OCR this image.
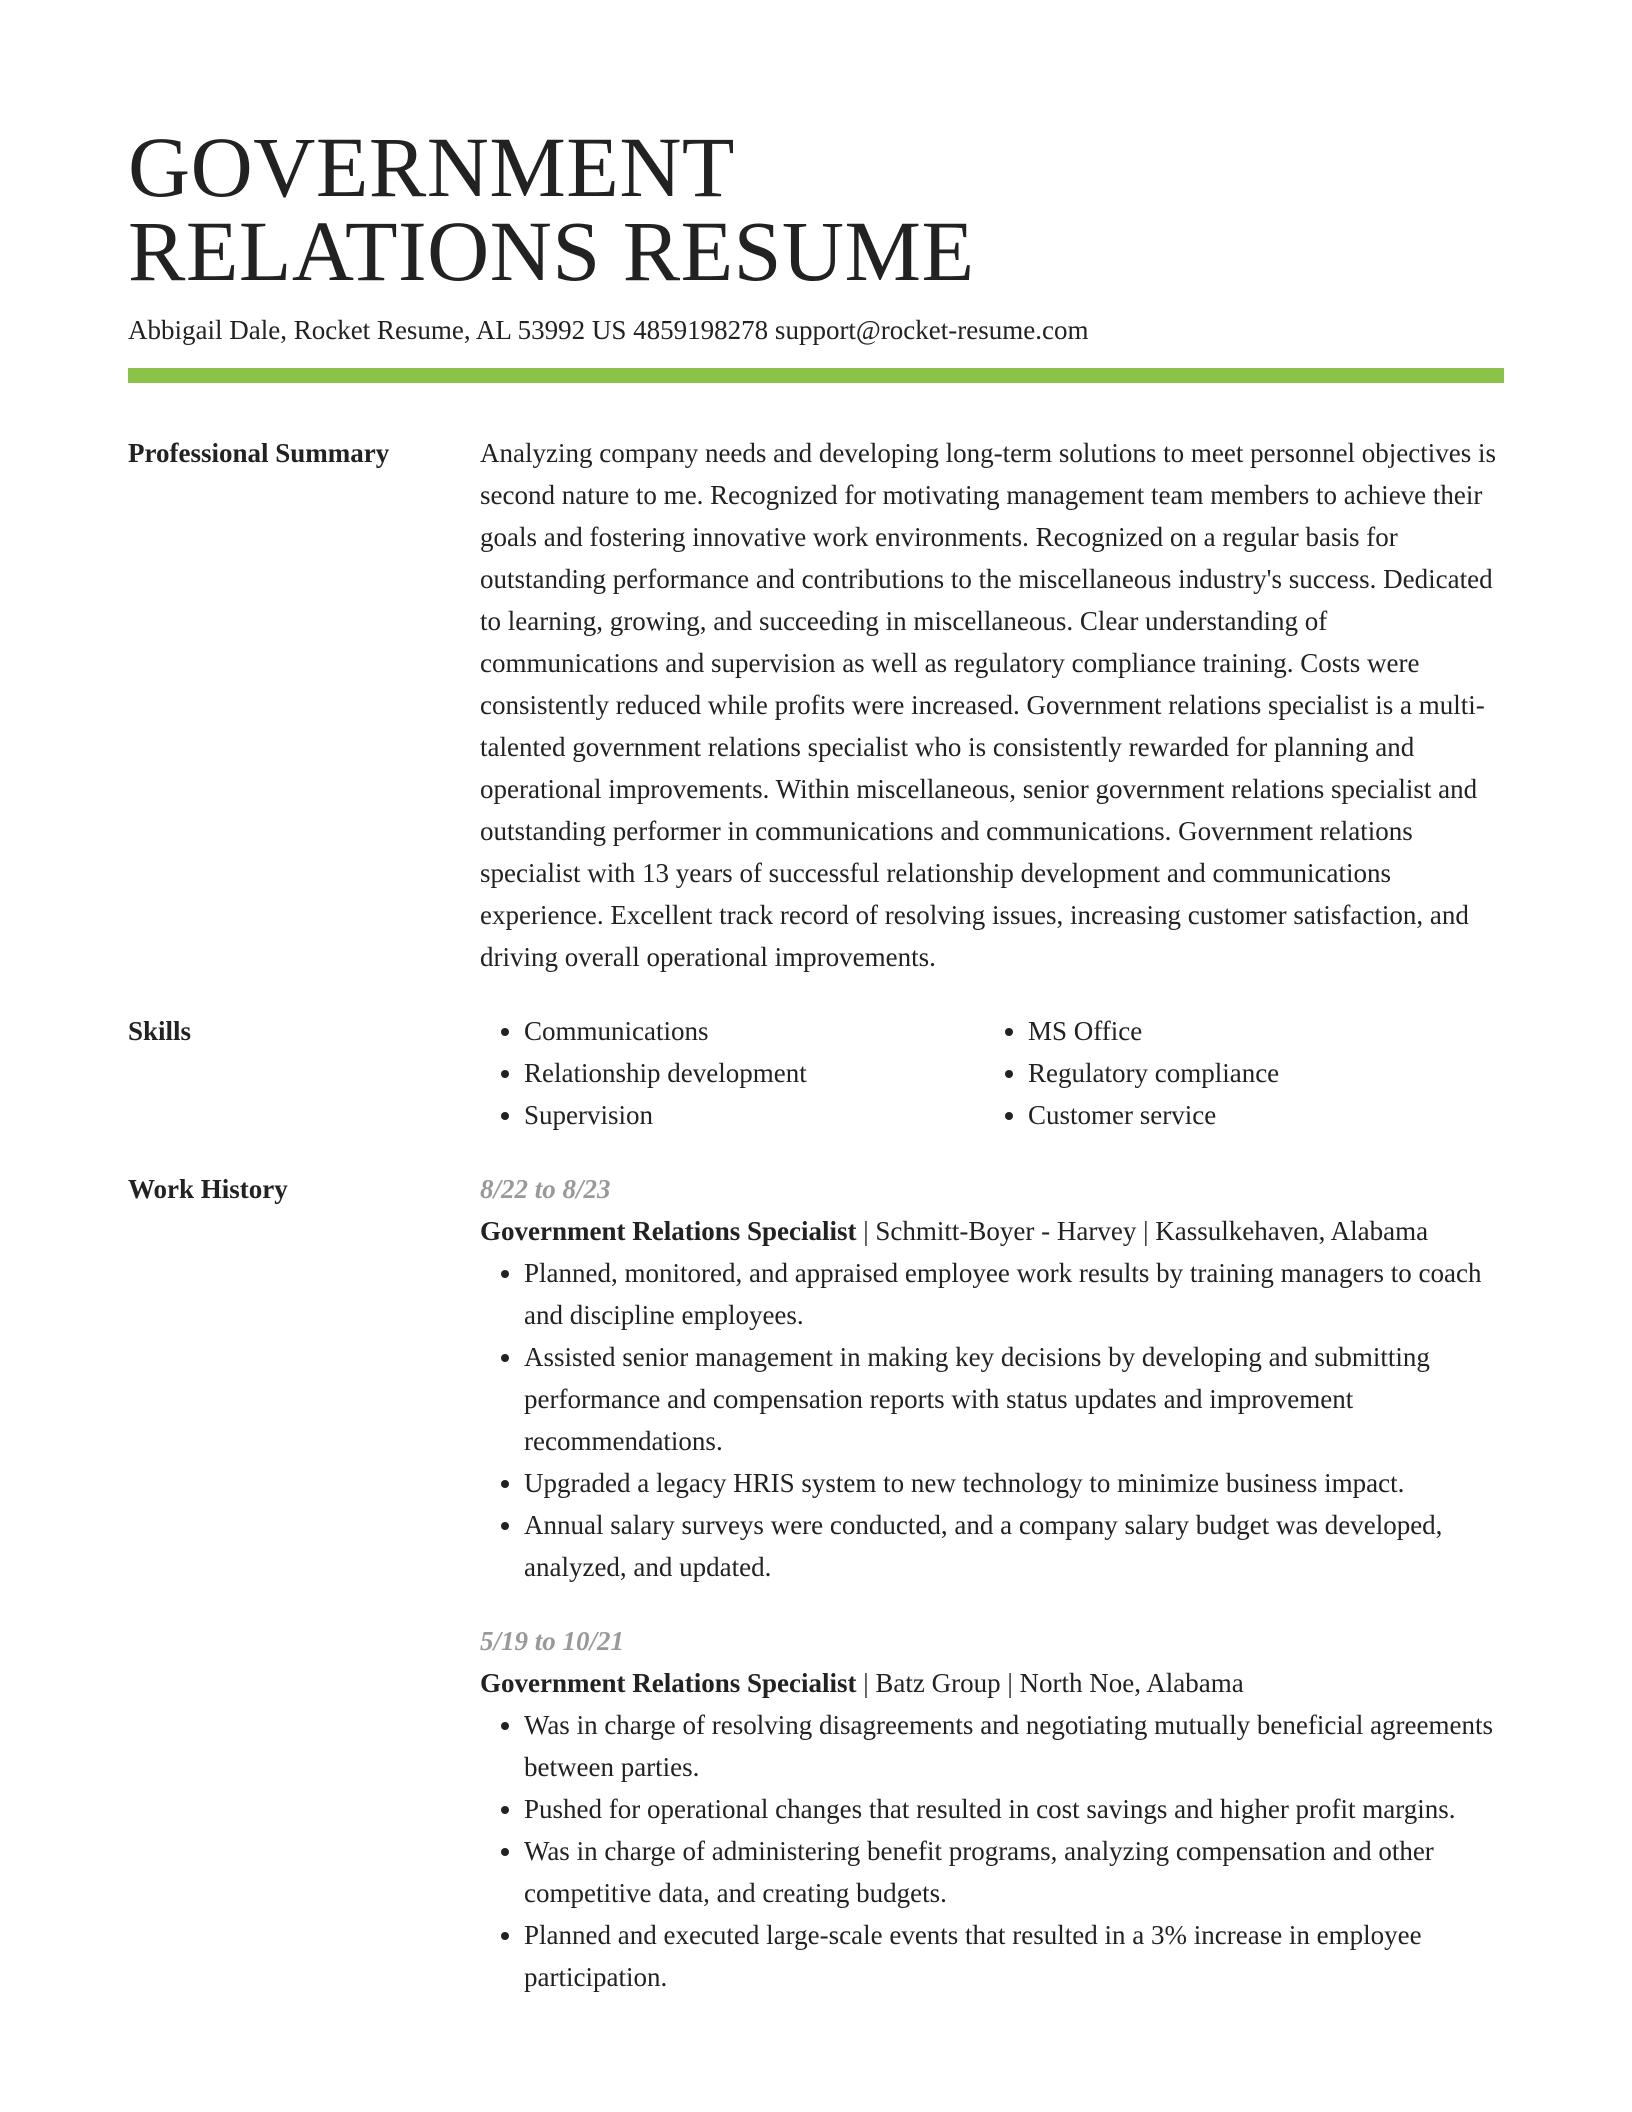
GOVERNMENT
RELATIONS RESUME
Abbigail Dale, Rocket Resume, AL 53992 US 4859198278 support@rocket-resume.com
Professional Summary	Analyzing company needs and developing long-term solutions to meet personnel objectives is second nature to me. Recognized for motivating management team members to achieve their goals and fostering innovative work environments. Recognized on a regular basis for outstanding performance and contributions to the miscellaneous industry's success. Dedicated to learning, growing, and succeeding in miscellaneous. Clear understanding of communications and supervision as well as regulatory compliance training. Costs were consistently reduced while profits were increased. Government relations specialist is a multi-talented government relations specialist who is consistently rewarded for planning and operational improvements. Within miscellaneous, senior government relations specialist and outstanding performer in communications and communications. Government relations specialist with 13 years of successful relationship development and communications experience. Excellent track record of resolving issues, increasing customer satisfaction, and driving overall operational improvements.

Skills
•	Communications
• Relationship development
• Supervision
• MS Office
• Regulatory compliance
• Customer service
Work History	8/22 to 8/23
Government Relations Specialist | Schmitt-Boyer - Harvey | Kassulkehaven, Alabama
• Planned, monitored, and appraised employee work results by training managers to coach and discipline employees.
• Assisted senior management in making key decisions by developing and submitting performance and compensation reports with status updates and improvement recommendations.
• Upgraded a legacy HRIS system to new technology to minimize business impact.
• Annual salary surveys were conducted, and a company salary budget was developed, analyzed, and updated.
5/19 to 10/21
Government Relations Specialist | Batz Group | North Noe, Alabama
• Was in charge of resolving disagreements and negotiating mutually beneficial agreements between parties.
• Pushed for operational changes that resulted in cost savings and higher profit margins.
• Was in charge of administering benefit programs, analyzing compensation and other competitive data, and creating budgets.
• Planned and executed large-scale events that resulted in a 3% increase in employee participation.
